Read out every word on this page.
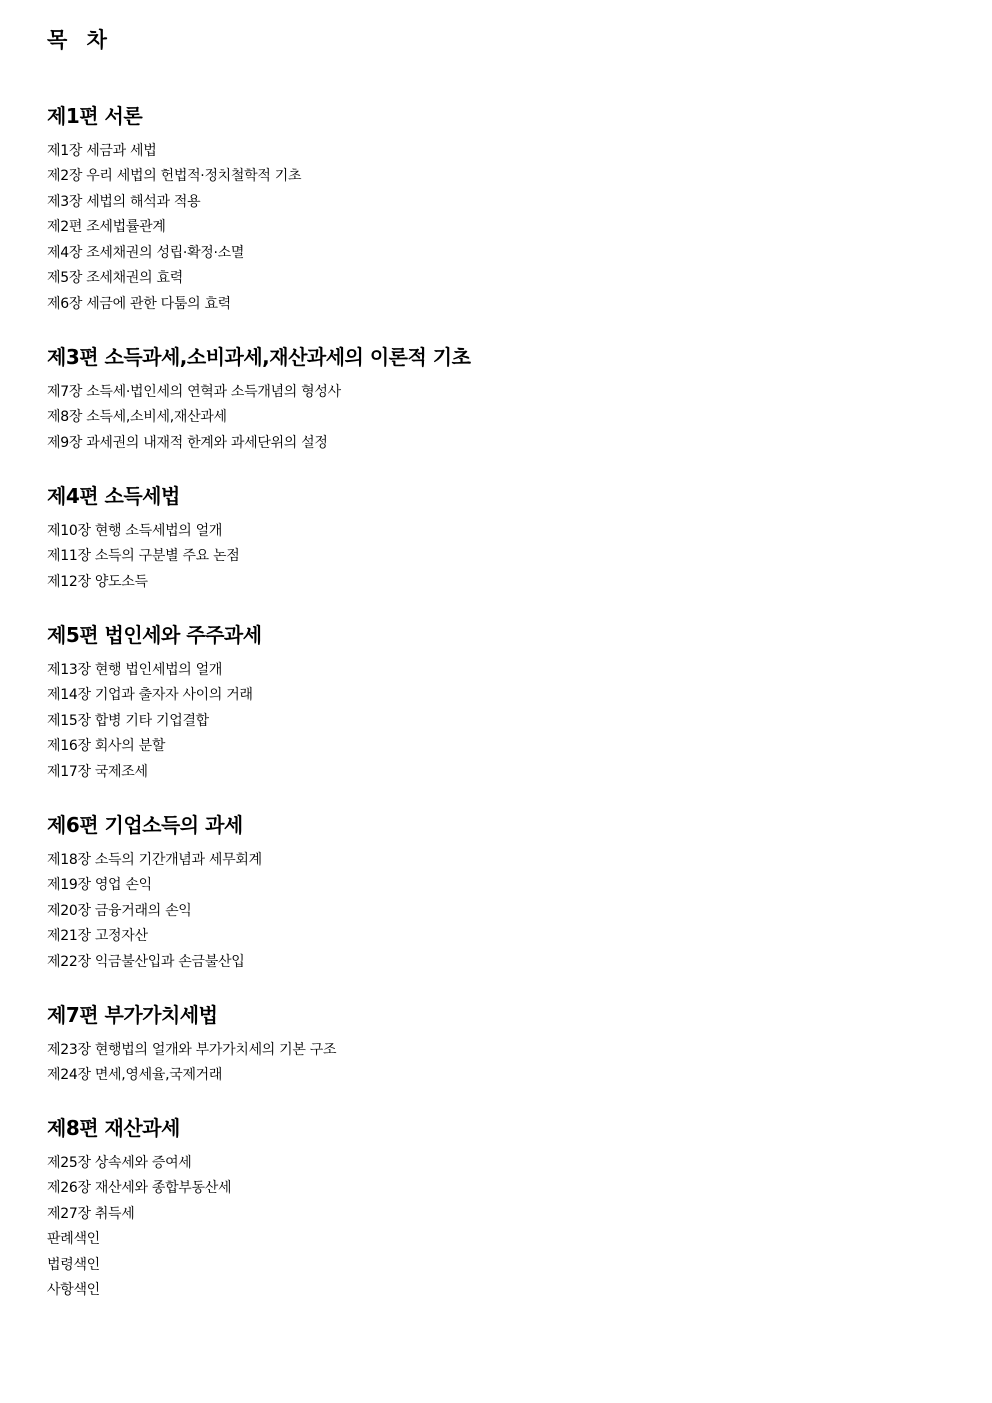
목 차
제1편 서론
제1장 세금과 세법
제2장 우리 세법의 헌법적·정치철학적 기초
제3장 세법의 해석과 적용
제2편 조세법률관계
제4장 조세채권의 성립·확정·소멸
제5장 조세채권의 효력
제6장 세금에 관한 다툼의 효력
제3편 소득과세,소비과세,재산과세의 이론적 기초
제7장 소득세·법인세의 연혁과 소득개념의 형성사
제8장 소득세,소비세,재산과세
제9장 과세권의 내재적 한계와 과세단위의 설정
제4편 소득세법
제10장 현행 소득세법의 얼개
제11장 소득의 구분별 주요 논점
제12장 양도소득
제5편 법인세와 주주과세
제13장 현행 법인세법의 얼개
제14장 기업과 출자자 사이의 거래
제15장 합병 기타 기업결합
제16장 회사의 분할
제17장 국제조세
제6편 기업소득의 과세
제18장 소득의 기간개념과 세무회계
제19장 영업 손익
제20장 금융거래의 손익
제21장 고정자산
제22장 익금불산입과 손금불산입
제7편 부가가치세법
제23장 현행법의 얼개와 부가가치세의 기본 구조
제24장 면세,영세율,국제거래
제8편 재산과세
제25장 상속세와 증여세
제26장 재산세와 종합부동산세
제27장 취득세
판례색인
법령색인
사항색인
